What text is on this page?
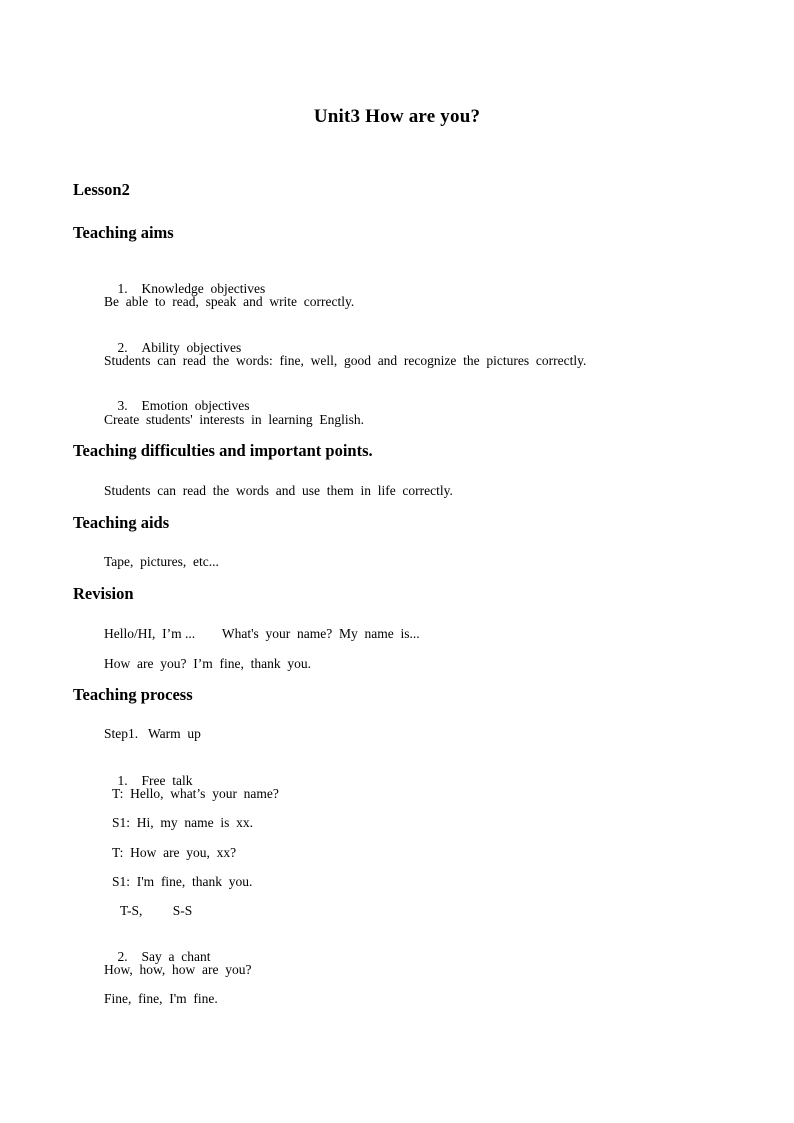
Unit3 How are you?
Lesson2
Teaching aims

1. Knowledge  objectives

Be  able  to  read,  speak  and  write  correctly.

2. Ability  objectives

Students  can  read  the  words:  fine,  well,  good  and  recognize  the  pictures  correctly.

3. Emotion  objectives

Create  students'  interests  in  learning  English.
Teaching difficulties and important points.
Students  can  read  the  words  and  use  them  in  life  correctly.
Teaching aids
Tape,  pictures,  etc...
Revision
Hello/HI,  I’m ...        What's  your  name?  My  name  is...
How  are  you?  I’m  fine,  thank  you.
Teaching process
Step1.   Warm  up

1. Free  talk

T:  Hello,  what’s  your  name?
S1:  Hi,  my  name  is  xx.
T:  How  are  you,  xx?
S1:  I'm  fine,  thank  you.
T-S,         S-S

2. Say  a  chant

How,  how,  how  are  you?
Fine,  fine,  I'm  fine.
